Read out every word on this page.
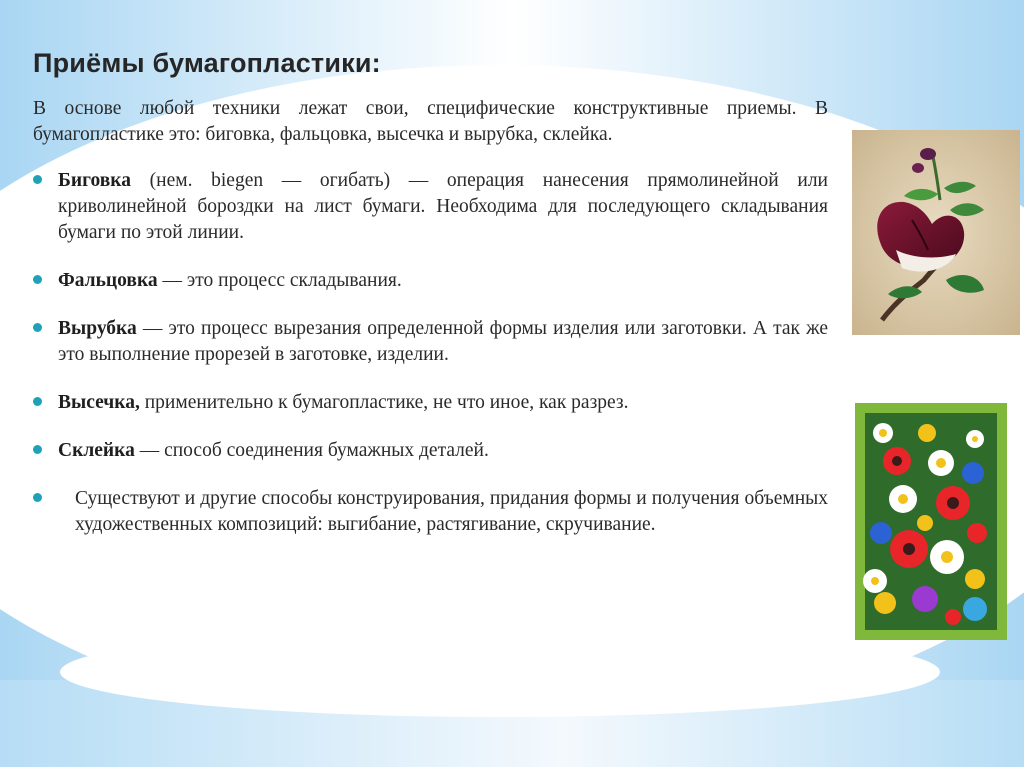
Приёмы бумагопластики:

В основе любой техники лежат свои, специфические конструктивные приемы. В бумагопластике это: биговка, фальцовка, высечка и вырубка, склейка.

Биговка (нем. biegen — огибать) — операция нанесения прямолинейной или криволинейной бороздки на лист бумаги. Необходима для последующего складывания бумаги по этой линии.
Фальцовка — это процесс складывания.
Вырубка — это процесс вырезания определенной формы изделия или заготовки. А так же это выполнение прорезей в заготовке, изделии.
Высечка, применительно к бумагопластике, не что иное, как разрез.
Склейка — способ соединения бумажных деталей.
Существуют и другие способы конструирования, придания формы и получения объемных художественных композиций: выгибание, растягивание, скручивание.
